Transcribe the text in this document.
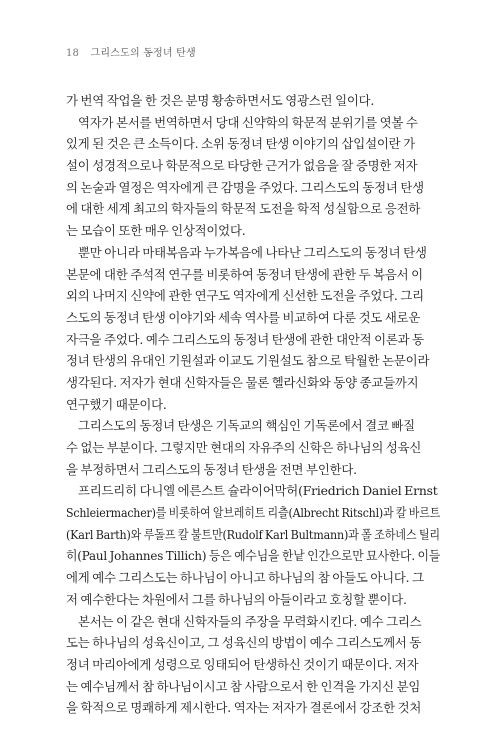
18 그리스도의 동정녀 탄생
가 번역 작업을 한 것은 분명 황송하면서도 영광스런 일이다.
역자가 본서를 번역하면서 당대 신약학의 학문적 분위기를 엿볼 수
있게 된 것은 큰 소득이다. 소위 동정녀 탄생 이야기의 삽입설이란 가
설이 성경적으로나 학문적으로 타당한 근거가 없음을 잘 증명한 저자
의 논술과 열정은 역자에게 큰 감명을 주었다. 그리스도의 동정녀 탄생
에 대한 세계 최고의 학자들의 학문적 도전을 학적 성실함으로 응전하
는 모습이 또한 매우 인상적이었다.
뿐만 아니라 마태복음과 누가복음에 나타난 그리스도의 동정녀 탄생
본문에 대한 주석적 연구를 비롯하여 동정녀 탄생에 관한 두 복음서 이
외의 나머지 신약에 관한 연구도 역자에게 신선한 도전을 주었다. 그리
스도의 동정녀 탄생 이야기와 세속 역사를 비교하여 다룬 것도 새로운
자극을 주었다. 예수 그리스도의 동정녀 탄생에 관한 대안적 이론과 동
정녀 탄생의 유대인 기원설과 이교도 기원설도 참으로 탁월한 논문이라
생각된다. 저자가 현대 신학자들은 물론 헬라신화와 동양 종교들까지
연구했기 때문이다.
그리스도의 동정녀 탄생은 기독교의 핵심인 기독론에서 결코 빠질
수 없는 부분이다. 그렇지만 현대의 자유주의 신학은 하나님의 성육신
을 부정하면서 그리스도의 동정녀 탄생을 전면 부인한다.
프리드리히 다니엘 에른스트 슐라이어막허(Friedrich Daniel Ernst
Schleiermacher)를 비롯하여 알브레히트 리츨(Albrecht Ritschl)과 칼 바르트
(Karl Barth)와 루돌프 칼 불트만(Rudolf Karl Bultmann)과 폴 조하네스 틸리
히(Paul Johannes Tillich) 등은 예수님을 한낱 인간으로만 묘사한다. 이들
에게 예수 그리스도는 하나님이 아니고 하나님의 참 아들도 아니다. 그
저 예수한다는 차원에서 그를 하나님의 아들이라고 호칭할 뿐이다.
본서는 이 같은 현대 신학자들의 주장을 무력화시킨다. 예수 그리스
도는 하나님의 성육신이고, 그 성육신의 방법이 예수 그리스도께서 동
정녀 마리아에게 성령으로 잉태되어 탄생하신 것이기 때문이다. 저자
는 예수님께서 참 하나님이시고 참 사람으로서 한 인격을 가지신 분임
을 학적으로 명쾌하게 제시한다. 역자는 저자가 결론에서 강조한 것처
